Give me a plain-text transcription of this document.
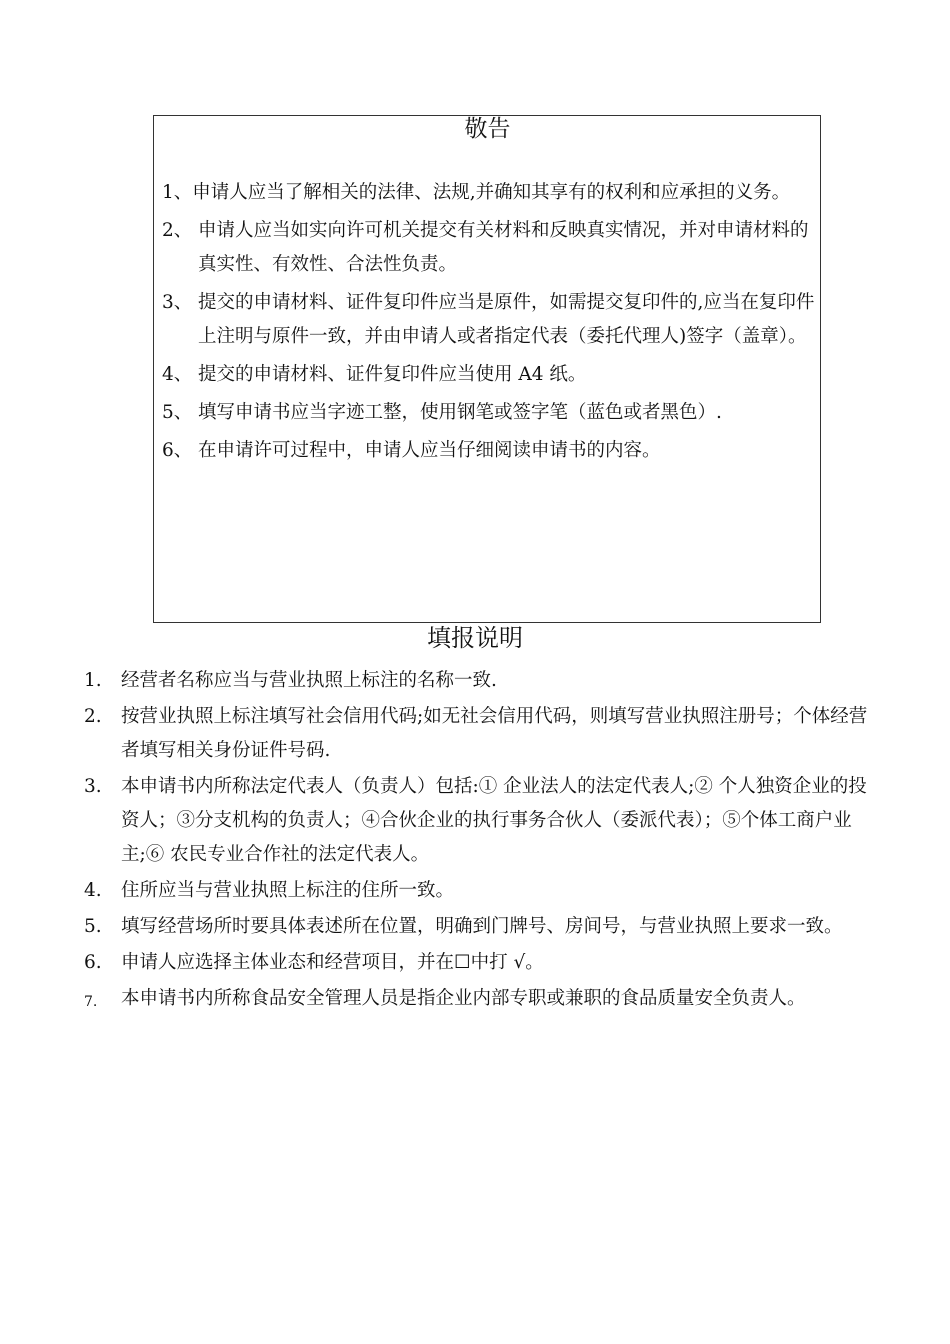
敬告
1、申请人应当了解相关的法律、法规,并确知其享有的权利和应承担的义务。
2、 申请人应当如实向许可机关提交有关材料和反映真实情况，并对申请材料的真实性、有效性、合法性负责。
3、 提交的申请材料、证件复印件应当是原件，如需提交复印件的,应当在复印件上注明与原件一致，并由申请人或者指定代表（委托代理人)签字（盖章）。
4、 提交的申请材料、证件复印件应当使用 A4 纸。
5、 填写申请书应当字迹工整，使用钢笔或签字笔（蓝色或者黑色）.
6、 在申请许可过程中，申请人应当仔细阅读申请书的内容。
填报说明
1.	经营者名称应当与营业执照上标注的名称一致.
2.	按营业执照上标注填写社会信用代码;如无社会信用代码，则填写营业执照注册号；个体经营者填写相关身份证件号码.
3.	本申请书内所称法定代表人（负责人）包括:① 企业法人的法定代表人;② 个人独资企业的投资人；③分支机构的负责人；④合伙企业的执行事务合伙人（委派代表）；⑤个体工商户业主;⑥ 农民专业合作社的法定代表人。
4.	住所应当与营业执照上标注的住所一致。
5.	填写经营场所时要具体表述所在位置，明确到门牌号、房间号，与营业执照上要求一致。
6.	申请人应选择主体业态和经营项目，并在☐中打 √。
7.	本申请书内所称食品安全管理人员是指企业内部专职或兼职的食品质量安全负责人。
